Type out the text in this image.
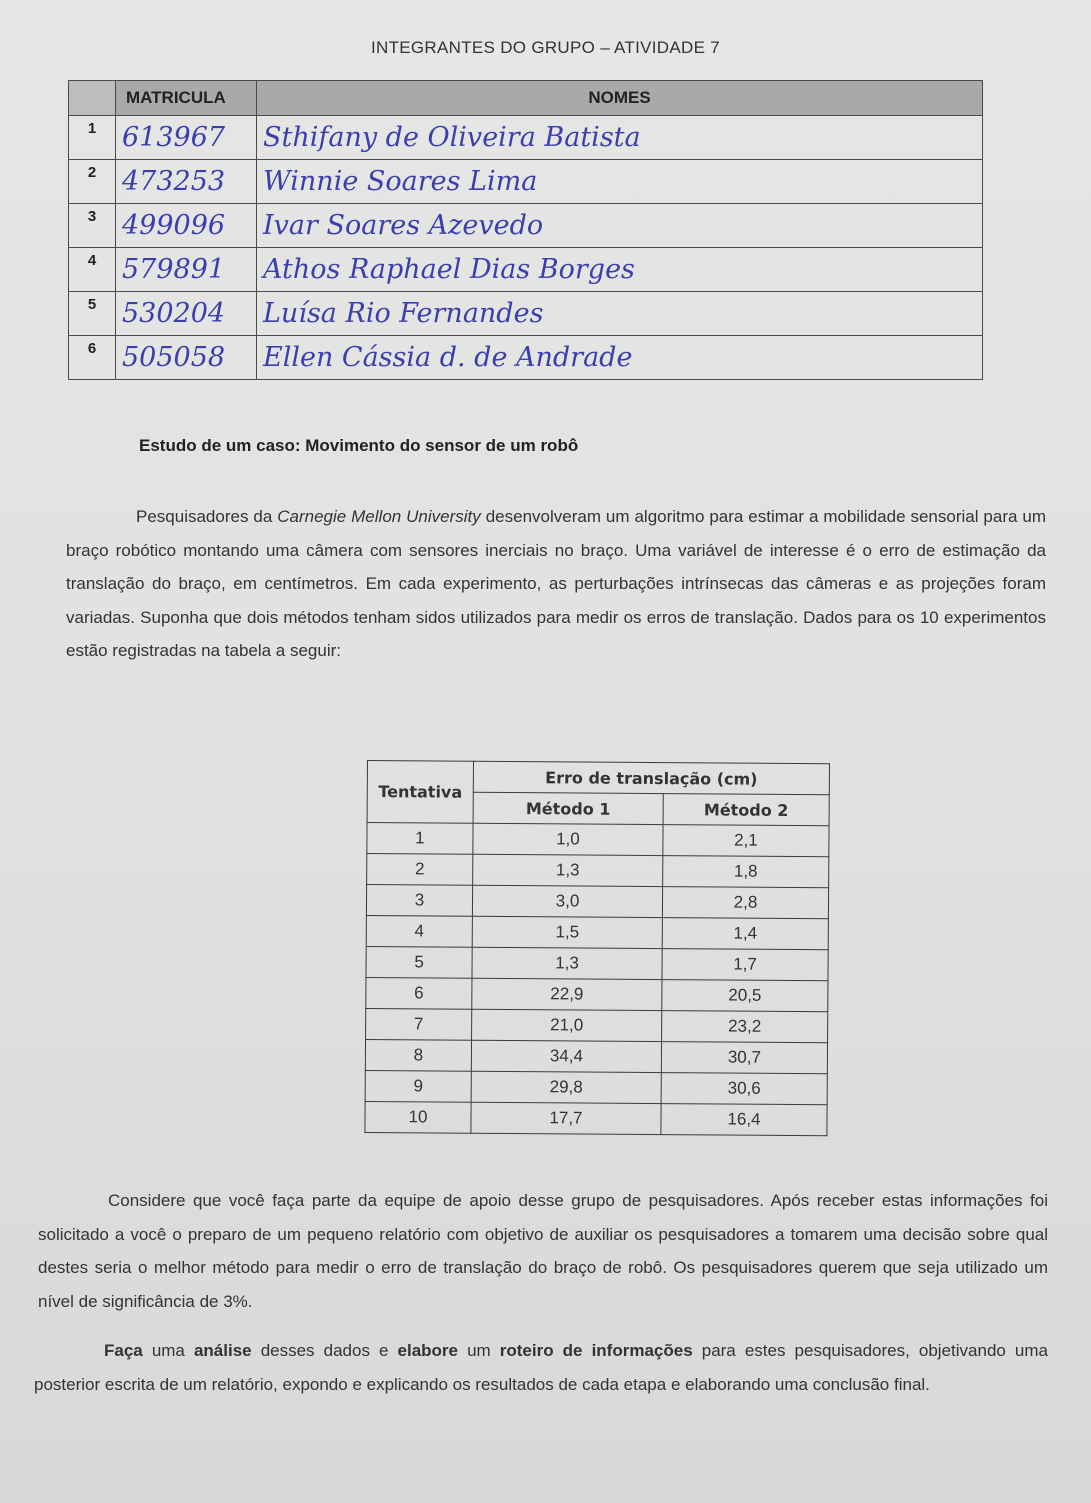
INTEGRANTES DO GRUPO – ATIVIDADE 7
	MATRICULA	NOMES
1	613967	Sthifany de Oliveira Batista
2	473253	Winnie Soares Lima
3	499096	Ivar Soares Azevedo
4	579891	Athos Raphael Dias Borges
5	530204	Luísa Rio Fernandes
6	505058	Ellen Cássia d. de Andrade
Estudo de um caso: Movimento do sensor de um robô
Pesquisadores da Carnegie Mellon University desenvolveram um algoritmo para estimar a mobilidade sensorial para um braço robótico montando uma câmera com sensores inerciais no braço. Uma variável de interesse é o erro de estimação da translação do braço, em centímetros. Em cada experimento, as perturbações intrínsecas das câmeras e as projeções foram variadas. Suponha que dois métodos tenham sidos utilizados para medir os erros de translação. Dados para os 10 experimentos estão registradas na tabela a seguir:
Tentativa	Erro de translação (cm)	
	Método 1	Método 2
1	1,0	2,1
2	1,3	1,8
3	3,0	2,8
4	1,5	1,4
5	1,3	1,7
6	22,9	20,5
7	21,0	23,2
8	34,4	30,7
9	29,8	30,6
10	17,7	16,4
Considere que você faça parte da equipe de apoio desse grupo de pesquisadores. Após receber estas informações foi solicitado a você o preparo de um pequeno relatório com objetivo de auxiliar os pesquisadores a tomarem uma decisão sobre qual destes seria o melhor método para medir o erro de translação do braço de robô. Os pesquisadores querem que seja utilizado um nível de significância de 3%.
Faça uma análise desses dados e elabore um roteiro de informações para estes pesquisadores, objetivando uma posterior escrita de um relatório, expondo e explicando os resultados de cada etapa e elaborando uma conclusão final.
